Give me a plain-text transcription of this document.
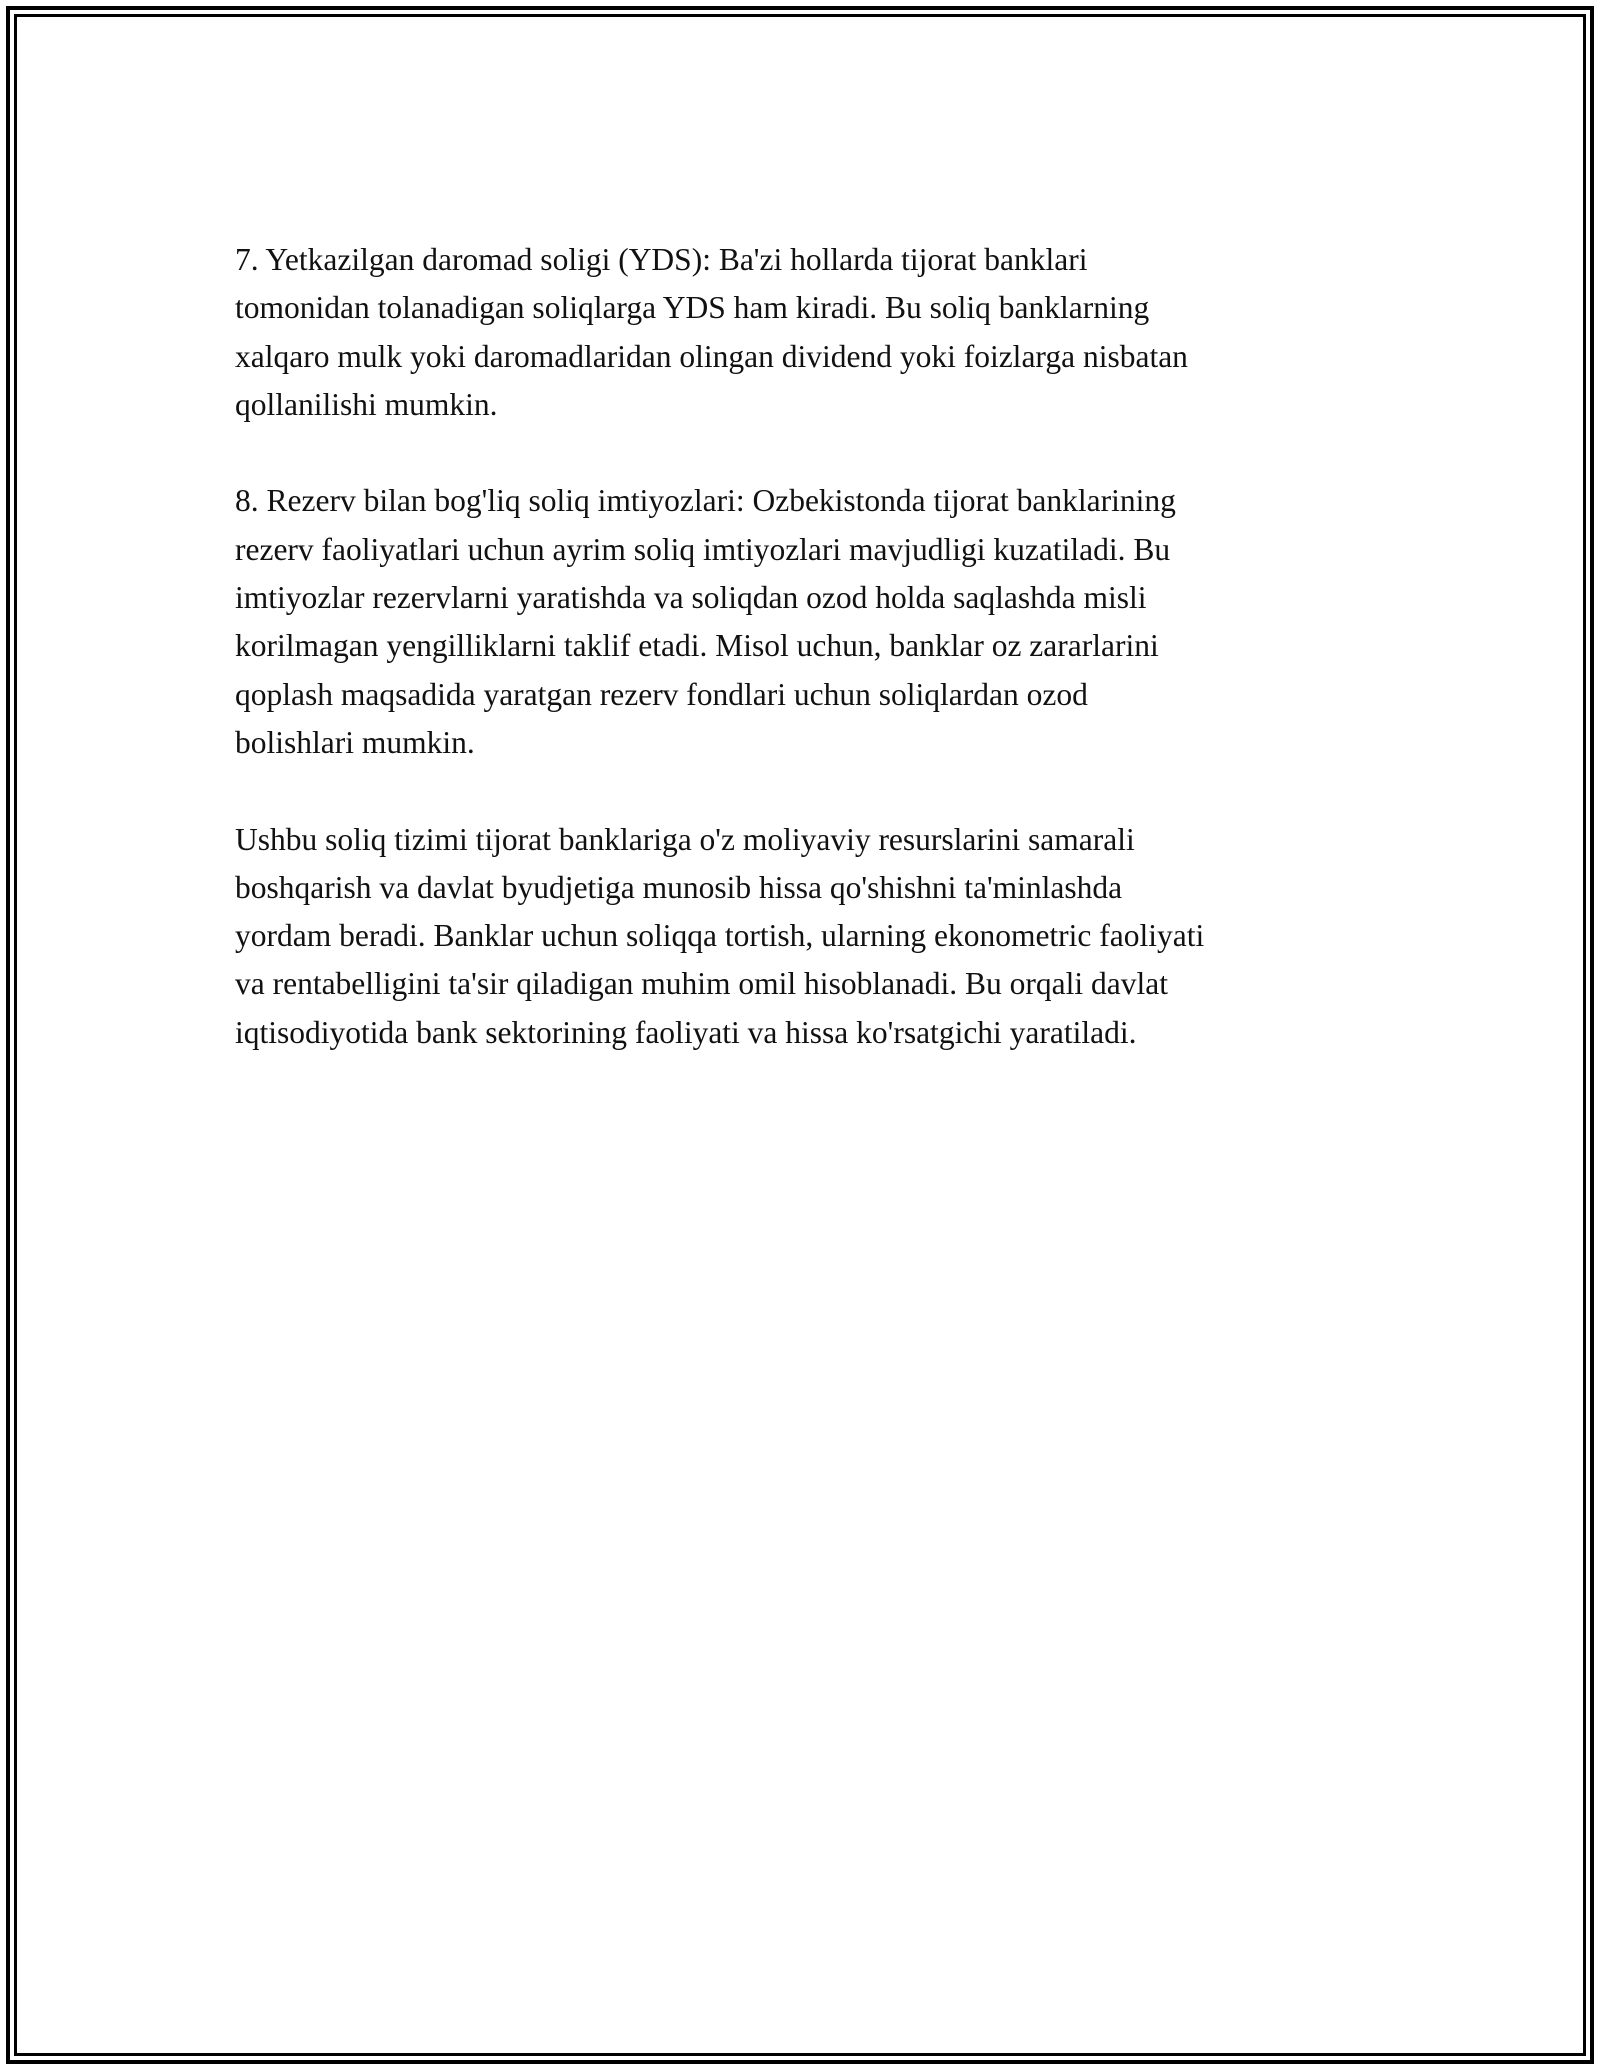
7. Yetkazilgan daromad soligi (YDS): Ba'zi hollarda tijorat banklari
tomonidan tolanadigan soliqlarga YDS ham kiradi. Bu soliq banklarning
xalqaro mulk yoki daromadlaridan olingan dividend yoki foizlarga nisbatan
qollanilishi mumkin.

8. Rezerv bilan bog'liq soliq imtiyozlari: Ozbekistonda tijorat banklarining
rezerv faoliyatlari uchun ayrim soliq imtiyozlari mavjudligi kuzatiladi. Bu
imtiyozlar rezervlarni yaratishda va soliqdan ozod holda saqlashda misli
korilmagan yengilliklarni taklif etadi. Misol uchun, banklar oz zararlarini
qoplash maqsadida yaratgan rezerv fondlari uchun soliqlardan ozod
bolishlari mumkin.

Ushbu soliq tizimi tijorat banklariga o'z moliyaviy resurslarini samarali
boshqarish va davlat byudjetiga munosib hissa qo'shishni ta'minlashda
yordam beradi. Banklar uchun soliqqa tortish, ularning ekonometric faoliyati
va rentabelligini ta'sir qiladigan muhim omil hisoblanadi. Bu orqali davlat
iqtisodiyotida bank sektorining faoliyati va hissa ko'rsatgichi yaratiladi.
